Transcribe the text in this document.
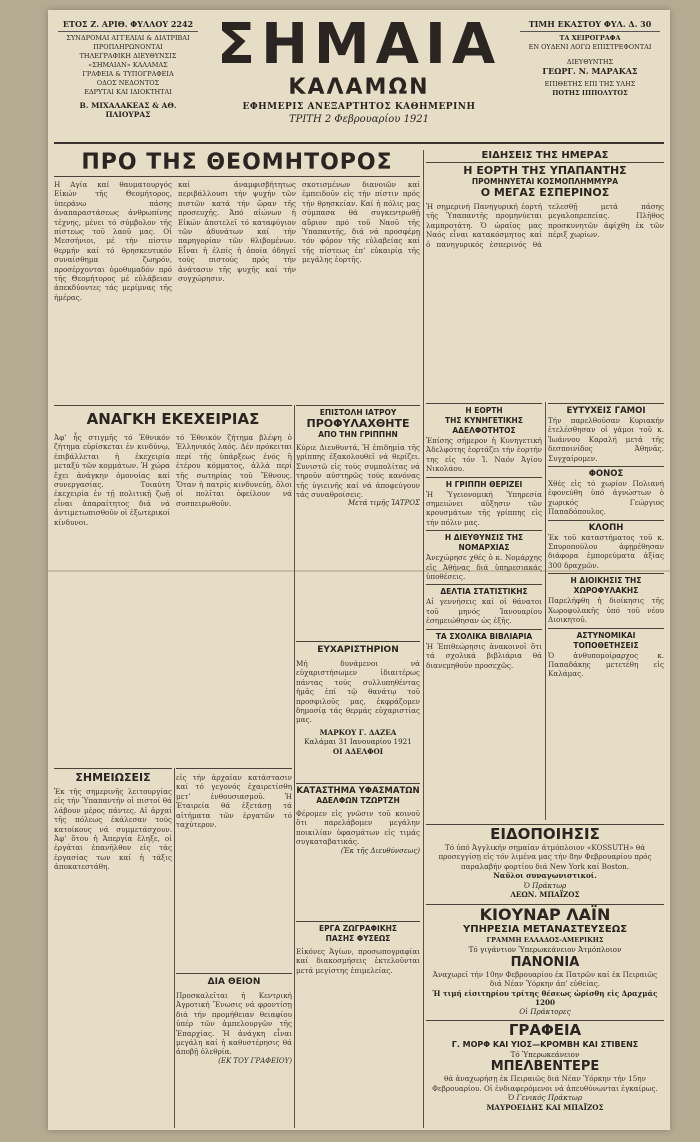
ΕΤΟΣ Ζ. ΑΡΙΘ. ΦΥΛΛΟΥ 2242
ΣΥΝΔΡΟΜΑΙ ΑΓΓΕΛΙΑΙ & ΔΙΑΤΡΙΒΑΙ
ΠΡΟΠΛΗΡΩΝΟΝΤΑΙ
ΤΗΛΕΓΡΑΦΙΚΗ ΔΙΕΥΘΥΝΣΙΣ
«ΣΗΜΑΙΑΝ» ΚΑΛΑΜΑΣ
ΓΡΑΦΕΙΑ & ΤΥΠΟΓΡΑΦΕΙΑ
ΟΔΟΣ ΝΕΔΟΝΤΟΣ
ΕΔΡΥΤΑΙ ΚΑΙ ΙΔΙΟΚΤΗΤΑΙ
Β. ΜΙΧΑΛΑΚΕΑΣ & ΑΘ. ΠΛΙΟΥΡΑΣ
ΣΗΜΑΙΑ
ΚΑΛΑΜΩΝ
ΕΦΗΜΕΡΙΣ ΑΝΕΞΑΡΤΗΤΟΣ ΚΑΘΗΜΕΡΙΝΗ
ΤΡΙΤΗ 2 Φεβρουαρίου 1921
ΤΙΜΗ ΕΚΑΣΤΟΥ ΦΥΛ. Δ. 30
ΤΑ ΧΕΙΡΟΓΡΑΦΑ
ΕΝ ΟΥΔΕΝΙ ΛΟΓΩ ΕΠΙΣΤΡΕΦΟΝΤΑΙ
ΔΙΕΥΘΥΝΤΗΣ
ΓΕΩΡΓ. Ν. ΜΑΡΑΚΑΣ
ΕΠΙΘΕΤΗΣ ΕΠΙ ΤΗΣ ΥΛΗΣ
ΠΟΤΗΣ ΙΠΠΟΛΥΤΟΣ
ΠΡΟ ΤΗΣ ΘΕΟΜΗΤΟΡΟΣ
Η Αγία καί θαυματουργός Εἰκών τῆς Θεομήτορος, ὑπεράνω πάσης ἀναπαραστάσεως ἀνθρωπίνης τέχνης, μένει τό σύμβολον τῆς πίστεως τοῦ λαοῦ μας. Οἱ Μεσσήνιοι, μέ τήν πίστιν θερμήν καί τό θρησκευτικόν συναίσθημα ζωηρόν, προσέρχονται ὁμοθυμαδόν πρό τῆς Θεομήτορος μέ εὐλάβειαν ἀπεκδύοντες τάς μερίμνας τῆς ἡμέρας.
καί ἀναμφισβήτητως περιβάλλουσι τήν ψυχήν τῶν πιστῶν κατά τήν ὥραν τῆς προσευχῆς. Ἀπό αἰώνων ἡ Εἰκών ἀποτελεῖ τό καταφύγιον τῶν ἀδυνάτων καί τήν παρηγορίαν τῶν θλιβομένων. Εἶναι ἡ ἐλπίς ἡ ὁποία ὁδηγεῖ τούς πιστούς πρός τήν ἀνάτασιν τῆς ψυχῆς καί τήν συγχώρησιν.
σκοτισμένων διανοιῶν καί ἐμπειδοῦν εἰς τήν πίστιν πρός τήν θρησκείαν. Καί ἡ πόλις μας σύμπασα θά συγκεντρωθῇ αὔριον πρό τοῦ Ναοῦ τῆς Ὑπαπαντῆς, διά νά προσφέρῃ τόν φόρον τῆς εὐλαβείας καί τῆς πίστεως ἐπ’ εὐκαιρίᾳ τῆς μεγάλης ἑορτῆς.
ΑΝΑΓΚΗ ΕΚΕΧΕΙΡΙΑΣ
Ἀφ’ ἧς στιγμῆς τό Ἐθνικόν ζήτημα εὑρίσκεται ἐν κινδύνῳ, ἐπιβάλλεται ἡ ἐκεχειρία μεταξύ τῶν κομμάτων. Ἡ χώρα ἔχει ἀνάγκην ὁμονοίας καί συνεργασίας. Τοιαύτη ἐκεχειρία ἐν τῇ πολιτικῇ ζωῇ εἶναι ἀπαραίτητος διά νά ἀντιμετωπισθοῦν οἱ ἐξωτερικοί κίνδυνοι.
τό Ἐθνικόν ζήτημα βλέψη ὁ Ἑλληνικός λαός. Δέν πρόκειται περί τῆς ὑπάρξεως ἐνός ἢ ἑτέρου κόμματος, ἀλλά περί τῆς σωτηρίας τοῦ Ἔθνους. Ὅταν ἡ πατρίς κινδυνεύῃ, ὅλοι οἱ πολῖται ὀφείλουν νά συσπειρωθοῦν.
ΣΗΜΕΙΩΣΕΙΣ
Ἐκ τῆς σημερινῆς λειτουργίας εἰς τήν Ὑπαπαντήν οἱ πιστοί θά λάβουν μέρος πάντες. Αἱ ἀρχαί τῆς πόλεως ἐκάλεσαν τούς κατοίκους νά συμμετάσχουν. Ἀφ’ ὅτου ἡ Ἀπεργία ἔληξε, οἱ ἐργάται ἐπανῆλθον εἰς τάς ἐργασίας των καί ἡ τάξις ἀποκατεστάθη.
εἰς τήν ἀρχαίαν κατάστασιν καί τό γεγονός ἐχαιρετίσθη μετ’ ἐνθουσιασμοῦ. Ἡ Ἑταιρεία θά ἐξετάσῃ τά αἰτήματα τῶν ἐργατῶν τό ταχύτερον.
ΔΙΑ ΘΕΙΟΝ
Προσκαλεῖται ἡ Κεντρική Ἀγροτική Ἕνωσις νά φροντίσῃ διά τήν προμήθειαν θειαφίου ὑπέρ τῶν ἀμπελουργῶν τῆς Ἐπαρχίας. Ἡ ἀνάγκη εἶναι μεγάλη καί ἡ καθυστέρησις θά ἀποβῇ ὀλεθρία.
(ΕΚ ΤΟΥ ΓΡΑΦΕΙΟΥ)
ΕΠΙΣΤΟΛΗ ΙΑΤΡΟΥ
ΠΡΟΦΥΛΑΧΘΗΤΕ
ΑΠΟ ΤΗΝ ΓΡΙΠΠΗΝ
Κύριε Διευθυντά, Ἡ ἐπιδημία τῆς γρίππης ἐξακολουθεῖ νά θερίζει. Συνιστῶ εἰς τούς συμπολίτας νά τηροῦν αὐστηρῶς τούς κανόνας τῆς ὑγιεινῆς καί νά ἀποφεύγουν τάς συναθροίσεις.
Μετά τιμῆς ἸΑΤΡΟΣ
ΕΥΧΑΡΙΣΤΗΡΙΟΝ
Μή δυνάμενοι νά εὐχαριστήσωμεν ἰδιαιτέρως πάντας τούς συλλυπηθέντας ἡμᾶς ἐπί τῷ θανάτῳ τοῦ προσφιλοῦς μας, ἐκφράζομεν δημοσίᾳ τάς θερμάς εὐχαριστίας μας.
ΜΑΡΚΟΥ Γ. ΔΑΖΕΑ
Καλάμαι 31 Ιανουαρίου 1921
ΟΙ ΑΔΕΛΦΟΙ
ΚΑΤΑΣΤΗΜΑ ΥΦΑΣΜΑΤΩΝ
ΑΔΕΛΦΩΝ ΤΖΩΡΤΖΗ
Φέρομεν εἰς γνῶσιν τοῦ κοινοῦ ὅτι παρελάβομεν μεγάλην ποικιλίαν ὑφασμάτων εἰς τιμάς συγκαταβατικάς.
(Ἐκ τῆς Διευθύνσεως)
ΕΡΓΑ ΖΩΓΡΑΦΙΚΗΣ
ΠΑΣΗΣ ΦΥΣΕΩΣ
Εἰκόνες Ἁγίων, προσωπογραφίαι καί διακοσμήσεις ἐκτελοῦνται μετά μεγίστης ἐπιμελείας.
ΕΙΔΗΣΕΙΣ ΤΗΣ ΗΜΕΡΑΣ
Η ΕΟΡΤΗ ΤΗΣ ΥΠΑΠΑΝΤΗΣ
ΠΡΟΜΗΝΥΕΤΑΙ ΚΟΣΜΟΠΛΗΜΜΥΡΑ
Ο ΜΕΓΑΣ ΕΣΠΕΡΙΝΟΣ
Ἡ σημερινή Πανηγυρική ἑορτή τῆς Ὑπαπαντῆς προμηνύεται λαμπροτάτη. Ὁ ὡραῖος μας Ναός εἶναι κατακόσμητος καί ὁ πανηγυρικός ἑσπερινός θά τελεσθῇ μετά πάσης μεγαλοπρεπείας. Πλῆθος προσκυνητῶν ἀφίχθη ἐκ τῶν πέριξ χωρίων.
Η ΕΟΡΤΗ
ΤΗΣ ΚΥΝΗΓΕΤΙΚΗΣ ΑΔΕΛΦΟΤΗΤΟΣ
Ἐπίσης σήμερον ἡ Κυνηγετική Ἀδελφότης ἑορτάζει τήν ἑορτήν της εἰς τόν Ἱ. Ναόν Ἁγίου Νικολάου.
Η ΓΡΙΠΠΗ ΘΕΡΙΖΕΙ
Ἡ Ὑγειονομική Ὑπηρεσία σημειώνει αὔξησιν τῶν κρουσμάτων τῆς γρίππης εἰς τήν πόλιν μας.
Η ΔΙΕΥΘΥΝΣΙΣ ΤΗΣ ΝΟΜΑΡΧΙΑΣ
Ἀνεχώρησε χθές ὁ κ. Νομάρχης εἰς Ἀθήνας διά ὑπηρεσιακάς ὑποθέσεις.
ΔΕΛΤΙΑ ΣΤΑΤΙΣΤΙΚΗΣ
Αἱ γεννήσεις καί οἱ θάνατοι τοῦ μηνός Ἰανουαρίου ἐσημειώθησαν ὡς ἑξῆς.
ΤΑ ΣΧΟΛΙΚΑ ΒΙΒΛΙΑΡΙΑ
Ἡ Ἐπιθεώρησις ἀνακοινοῖ ὅτι τά σχολικά βιβλιάρια θά διανεμηθοῦν προσεχῶς.
ΕΥΤΥΧΕΙΣ ΓΑΜΟΙ
Τήν παρελθοῦσαν Κυριακήν ἐτελέσθησαν οἱ γάμοι τοῦ κ. Ἰωάννου Καραλή μετά τῆς δεσποινίδος Ἀθηνᾶς. Συγχαίρομεν.
ΦΟΝΟΣ
Χθές εἰς τό χωρίον Πολιανή ἐφονεύθη ὑπό ἀγνώστων ὁ χωρικός Γεώργιος Παπαδόπουλος.
ΚΛΟΠΗ
Ἐκ τοῦ καταστήματος τοῦ κ. Σπυροπούλου ἀφῃρέθησαν διάφορα ἐμπορεύματα ἀξίας 300 δραχμῶν.
Η ΔΙΟΙΚΗΣΙΣ ΤΗΣ ΧΩΡΟΦΥΛΑΚΗΣ
Παρελήφθη ἡ διοίκησις τῆς Χωροφυλακῆς ὑπό τοῦ νέου Διοικητοῦ.
ΑΣΤΥΝΟΜΙΚΑΙ ΤΟΠΟΘΕΤΗΣΕΙΣ
Ὁ ἀνθυπομοίραρχος κ. Παπαδάκης μετετέθη εἰς Καλάμας.
ΕΙΔΟΠΟΙΗΣΙΣ
Τό ὑπό Ἀγγλικήν σημαίαν ἀτμόπλοιον «KOSSUTH» θά προσεγγίσῃ εἰς τόν λιμένα μας τήν 8ην Φεβρουαρίου πρός παραλαβήν φορτίου διά New York καί Boston.
Ναῦλοι συναγωνιστικοί.
Ὁ Πράκτωρ
ΛΕΩΝ. ΜΠΑΪΖΟΣ
ΚΙΟΥΝΑΡ ΛΑΪΝ
ΥΠΗΡΕΣΙΑ ΜΕΤΑΝΑΣΤΕΥΣΕΩΣ
ΓΡΑΜΜΗ ΕΛΛΑΔΟΣ-ΑΜΕΡΙΚΗΣ
Τό γιγάντιον Ὑπερωκεάνειον Ἀτμόπλοιον
ΠΑΝΟΝΙΑ
Ἀναχωρεῖ τήν 10ην Φεβρουαρίου ἐκ Πατρῶν καί ἐκ Πειραιῶς διά Νέαν Ὑόρκην ἀπ’ εὐθείας.
Ἡ τιμή εἰσιτηρίου τρίτης θέσεως ὡρίσθη εἰς Δραχμάς 1200
Οἱ Πράκτορες
ΓΡΑΦΕΙΑ
Γ. ΜΟΡΦ ΚΑΙ ΥΙΟΣ—ΚΡΟΜΒΗ ΚΑΙ ΣΤΙΒΕΝΣ
Τό Ὑπερωκεάνειον
ΜΠΕΛΒΕΝΤΕΡΕ
θά ἀναχωρήσῃ ἐκ Πειραιῶς διά Νέαν Ὑόρκην τήν 15ην Φεβρουαρίου. Οἱ ἐνδιαφερόμενοι νά ἀπευθύνωνται ἐγκαίρως.
Ὁ Γενικός Πράκτωρ
ΜΑΥΡΟΕΙΔΗΣ ΚΑΙ ΜΠΑΪΖΟΣ
